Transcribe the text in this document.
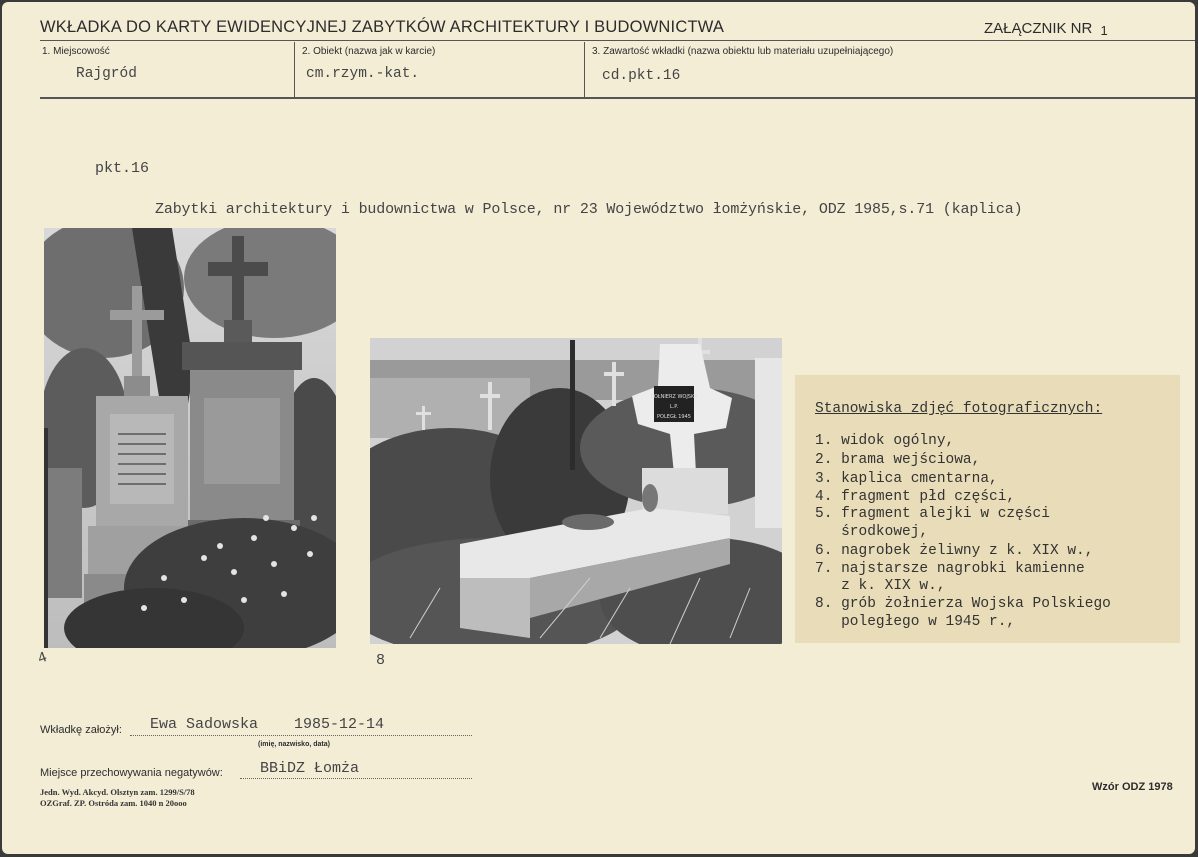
WKŁADKA DO KARTY EWIDENCYJNEJ ZABYTKÓW ARCHITEKTURY I BUDOWNICTWA	ZAŁĄCZNIK NR 1
1. Miejscowość
Rajgród
2. Obiekt (nazwa jak w karcie)
cm.rzym.-kat.
3. Zawartość wkładki (nazwa obiektu lub materiału uzupełniającego)
cd.pkt.16
pkt.16
Zabytki architektury i budownictwa w Polsce, nr 23 Województwo łomżyńskie, ODZ 1985,s.71 (kaplica)
4
ŻOŁNIERZ WOJSKA
L.P.
POLEGŁ 1945
8
Stanowiska zdjęć fotograficznych:
1. widok ogólny,
2. brama wejściowa,
3. kaplica cmentarna,
4. fragment płd części,
5. fragment alejki w części
środkowej,
6. nagrobek żeliwny z k. XIX w.,
7. najstarsze nagrobki kamienne
z k. XIX w.,
8. grób żołnierza Wojska Polskiego
poległego w 1945 r.,
Wkładkę założył: Ewa Sadowska 1985-12-14
(imię, nazwisko, data)
Miejsce przechowywania negatywów: BBiDZ Łomża
Jedn. Wyd. Akcyd. Olsztyn zam. 1299/S/78
OZGraf. ZP. Ostróda zam. 1040 n 20ooo
Wzór ODZ 1978
